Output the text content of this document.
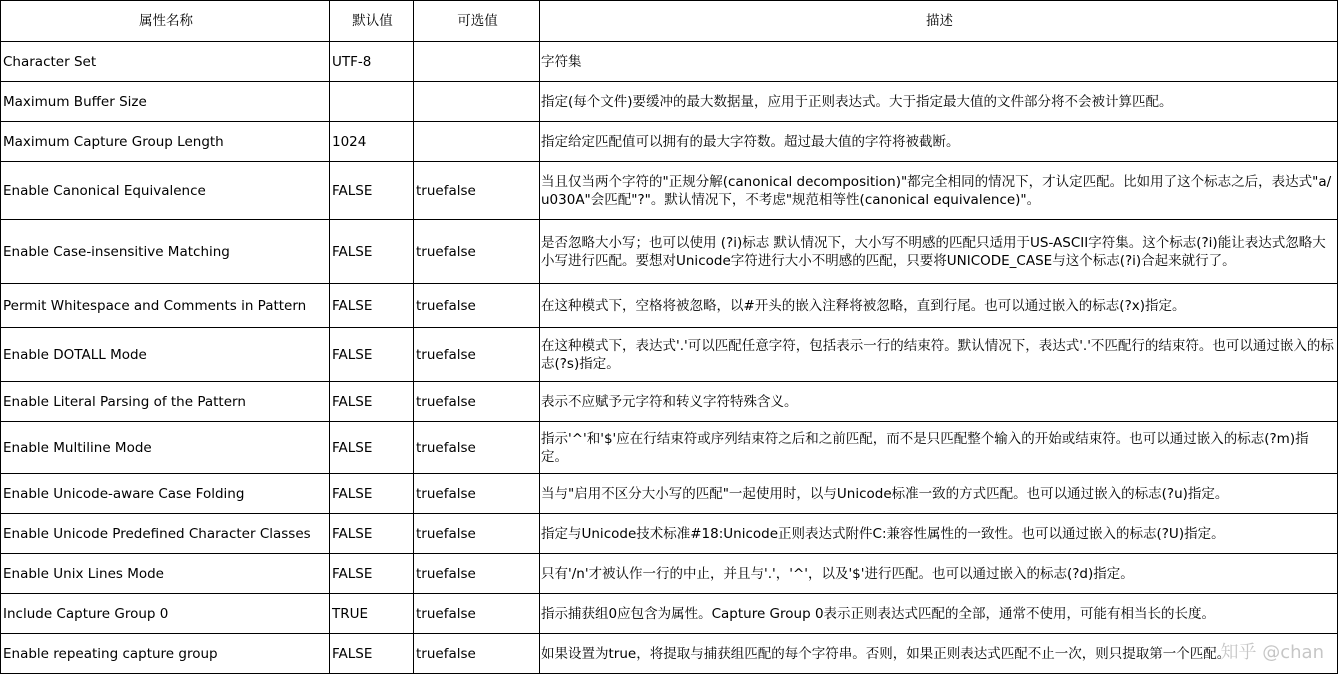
属性名称	默认值	可选值	描述
Character Set	UTF-8		字符集
Maximum Buffer Size			指定(每个文件)要缓冲的最大数据量，应用于正则表达式。大于指定最大值的文件部分将不会被计算匹配。
Maximum Capture Group Length	1024		指定给定匹配值可以拥有的最大字符数。超过最大值的字符将被截断。
Enable Canonical Equivalence	FALSE	truefalse	当且仅当两个字符的"正规分解(canonical decomposition)"都完全相同的情况下，才认定匹配。比如用了这个标志之后，表达式"a/u030A"会匹配"?"。默认情况下，不考虑"规范相等性(canonical equivalence)"。
Enable Case-insensitive Matching	FALSE	truefalse	是否忽略大小写；也可以使用 (?i)标志 默认情况下，大小写不明感的匹配只适用于US-ASCII字符集。这个标志(?i)能让表达式忽略大小写进行匹配。要想对Unicode字符进行大小不明感的匹配，只要将UNICODE_CASE与这个标志(?i)合起来就行了。
Permit Whitespace and Comments in Pattern	FALSE	truefalse	在这种模式下，空格将被忽略，以#开头的嵌入注释将被忽略，直到行尾。也可以通过嵌入的标志(?x)指定。
Enable DOTALL Mode	FALSE	truefalse	在这种模式下，表达式'.'可以匹配任意字符，包括表示一行的结束符。默认情况下，表达式'.'不匹配行的结束符。也可以通过嵌入的标志(?s)指定。
Enable Literal Parsing of the Pattern	FALSE	truefalse	表示不应赋予元字符和转义字符特殊含义。
Enable Multiline Mode	FALSE	truefalse	指示'^'和'$'应在行结束符或序列结束符之后和之前匹配，而不是只匹配整个输入的开始或结束符。也可以通过嵌入的标志(?m)指定。
Enable Unicode-aware Case Folding	FALSE	truefalse	当与"启用不区分大小写的匹配"一起使用时，以与Unicode标准一致的方式匹配。也可以通过嵌入的标志(?u)指定。
Enable Unicode Predefined Character Classes	FALSE	truefalse	指定与Unicode技术标准#18:Unicode正则表达式附件C:兼容性属性的一致性。也可以通过嵌入的标志(?U)指定。
Enable Unix Lines Mode	FALSE	truefalse	只有'/n'才被认作一行的中止，并且与'.'，'^'，以及'$'进行匹配。也可以通过嵌入的标志(?d)指定。
Include Capture Group 0	TRUE	truefalse	指示捕获组0应包含为属性。Capture Group 0表示正则表达式匹配的全部，通常不使用，可能有相当长的长度。
Enable repeating capture group	FALSE	truefalse	如果设置为true，将提取与捕获组匹配的每个字符串。否则，如果正则表达式匹配不止一次，则只提取第一个匹配。
知乎 @chan
